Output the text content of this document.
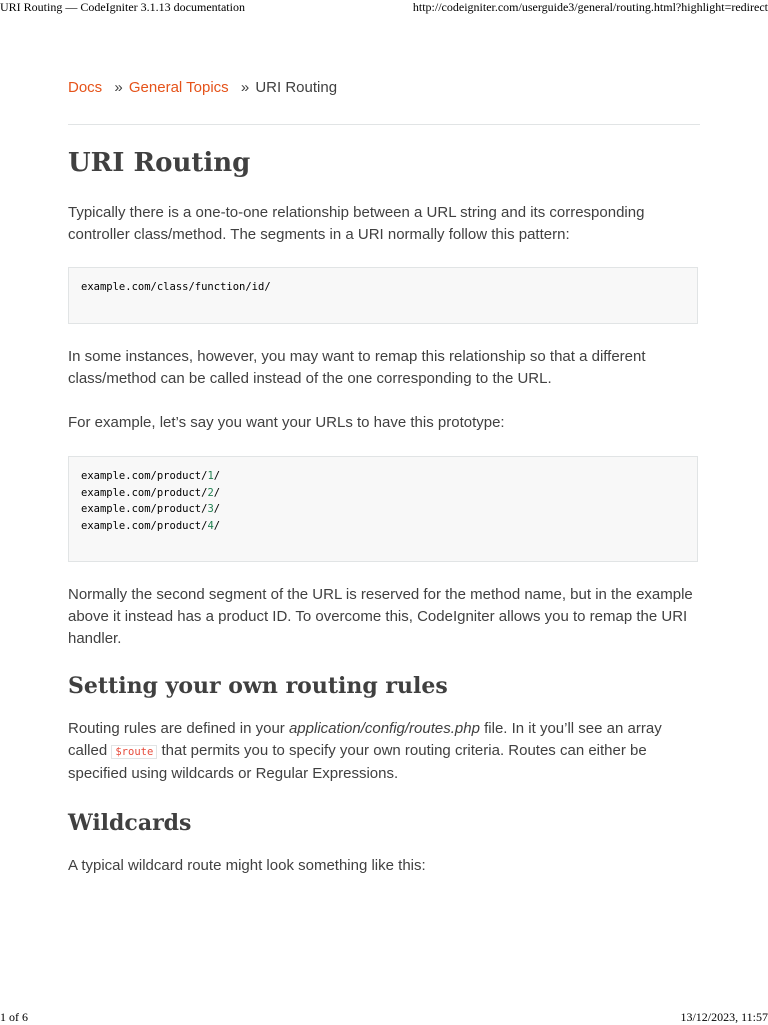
URI Routing — CodeIgniter 3.1.13 documentation	http://codeigniter.com/userguide3/general/routing.html?highlight=redirect
Docs » General Topics » URI Routing
URI Routing

Typically there is a one-to-one relationship between a URL string and its corresponding controller class/method. The segments in a URI normally follow this pattern:

example.com/class/function/id/

In some instances, however, you may want to remap this relationship so that a different class/method can be called instead of the one corresponding to the URL.

For example, let’s say you want your URLs to have this prototype:

example.com/product/1/
example.com/product/2/
example.com/product/3/
example.com/product/4/

Normally the second segment of the URL is reserved for the method name, but in the example above it instead has a product ID. To overcome this, CodeIgniter allows you to remap the URI handler.

Setting your own routing rules

Routing rules are defined in your application/config/routes.php file. In it you’ll see an array called $route that permits you to specify your own routing criteria. Routes can either be specified using wildcards or Regular Expressions.

Wildcards

A typical wildcard route might look something like this:

1 of 6	13/12/2023, 11:57
